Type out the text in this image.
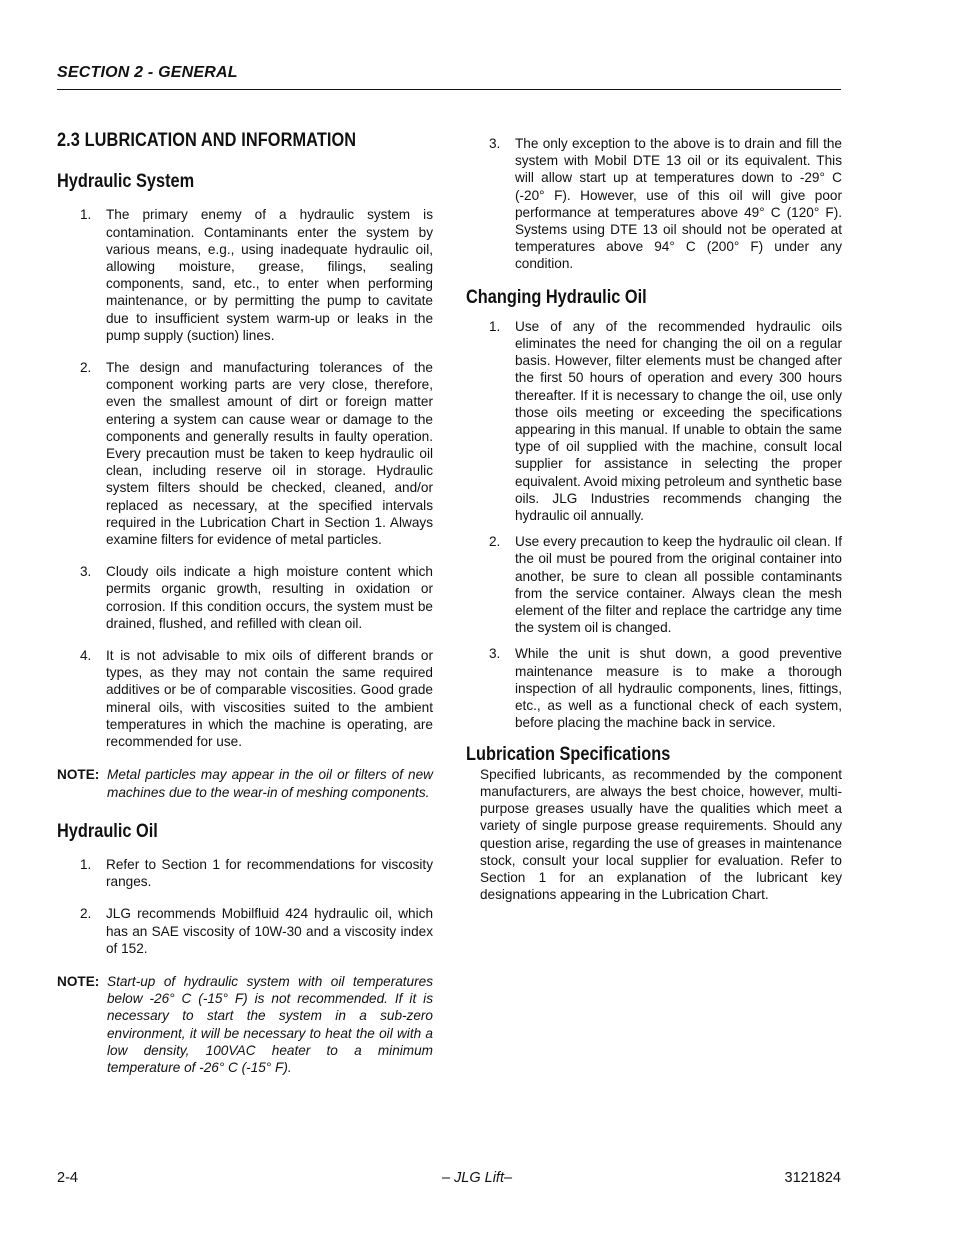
SECTION 2 - GENERAL
2.3 LUBRICATION AND INFORMATION
Hydraulic System
1. The primary enemy of a hydraulic system is contamination. Contaminants enter the system by various means, e.g., using inadequate hydraulic oil, allowing moisture, grease, filings, sealing components, sand, etc., to enter when performing maintenance, or by permitting the pump to cavitate due to insufficient system warm-up or leaks in the pump supply (suction) lines.
2. The design and manufacturing tolerances of the component working parts are very close, therefore, even the smallest amount of dirt or foreign matter entering a system can cause wear or damage to the components and generally results in faulty operation. Every precaution must be taken to keep hydraulic oil clean, including reserve oil in storage. Hydraulic system filters should be checked, cleaned, and/or replaced as necessary, at the specified intervals required in the Lubrication Chart in Section 1. Always examine filters for evidence of metal particles.
3. Cloudy oils indicate a high moisture content which permits organic growth, resulting in oxidation or corrosion. If this condition occurs, the system must be drained, flushed, and refilled with clean oil.
4. It is not advisable to mix oils of different brands or types, as they may not contain the same required additives or be of comparable viscosities. Good grade mineral oils, with viscosities suited to the ambient temperatures in which the machine is operating, are recommended for use.
NOTE: Metal particles may appear in the oil or filters of new machines due to the wear-in of meshing components.
Hydraulic Oil
1. Refer to Section 1 for recommendations for viscosity ranges.
2. JLG recommends Mobilfluid 424 hydraulic oil, which has an SAE viscosity of 10W-30 and a viscosity index of 152.
NOTE: Start-up of hydraulic system with oil temperatures below -26° C (-15° F) is not recommended. If it is necessary to start the system in a sub-zero environment, it will be necessary to heat the oil with a low density, 100VAC heater to a minimum temperature of -26° C (-15° F).
3. The only exception to the above is to drain and fill the system with Mobil DTE 13 oil or its equivalent. This will allow start up at temperatures down to -29° C (-20° F). However, use of this oil will give poor performance at temperatures above 49° C (120° F). Systems using DTE 13 oil should not be operated at temperatures above 94° C (200° F) under any condition.
Changing Hydraulic Oil
1. Use of any of the recommended hydraulic oils eliminates the need for changing the oil on a regular basis. However, filter elements must be changed after the first 50 hours of operation and every 300 hours thereafter. If it is necessary to change the oil, use only those oils meeting or exceeding the specifications appearing in this manual. If unable to obtain the same type of oil supplied with the machine, consult local supplier for assistance in selecting the proper equivalent. Avoid mixing petroleum and synthetic base oils. JLG Industries recommends changing the hydraulic oil annually.
2. Use every precaution to keep the hydraulic oil clean. If the oil must be poured from the original container into another, be sure to clean all possible contaminants from the service container. Always clean the mesh element of the filter and replace the cartridge any time the system oil is changed.
3. While the unit is shut down, a good preventive maintenance measure is to make a thorough inspection of all hydraulic components, lines, fittings, etc., as well as a functional check of each system, before placing the machine back in service.
Lubrication Specifications

Specified lubricants, as recommended by the component manufacturers, are always the best choice, however, multi-purpose greases usually have the qualities which meet a variety of single purpose grease requirements. Should any question arise, regarding the use of greases in maintenance stock, consult your local supplier for evaluation. Refer to Section 1 for an explanation of the lubricant key designations appearing in the Lubrication Chart.

– JLG Lift–
2-4	3121824
